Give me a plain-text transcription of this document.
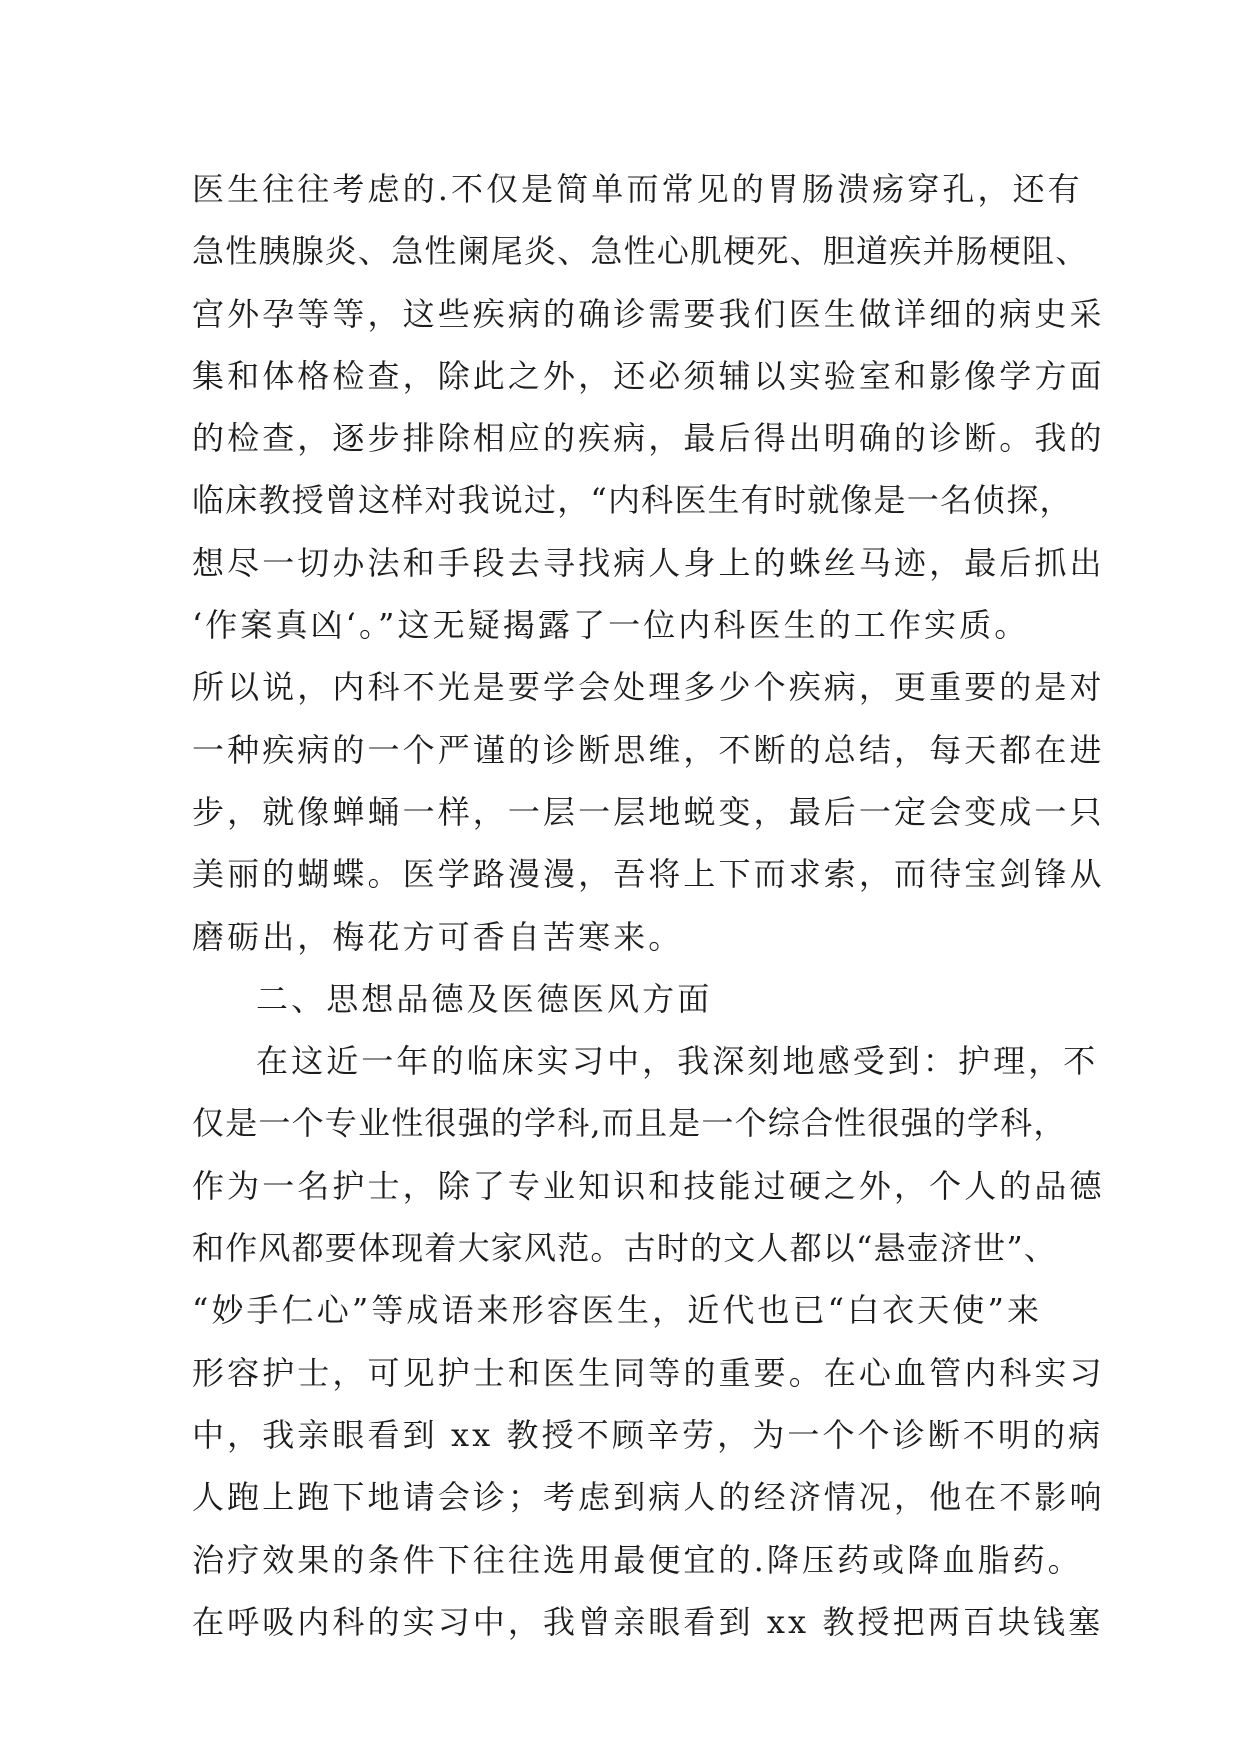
医生往往考虑的.不仅是简单而常见的胃肠溃疡穿孔，还有
急性胰腺炎、急性阑尾炎、急性心肌梗死、胆道疾并肠梗阻、
宫外孕等等，这些疾病的确诊需要我们医生做详细的病史采
集和体格检查，除此之外，还必须辅以实验室和影像学方面
的检查，逐步排除相应的疾病，最后得出明确的诊断。我的
临床教授曾这样对我说过，“内科医生有时就像是一名侦探，
想尽一切办法和手段去寻找病人身上的蛛丝马迹，最后抓出
‘作案真凶‘。”这无疑揭露了一位内科医生的工作实质。
所以说，内科不光是要学会处理多少个疾病，更重要的是对
一种疾病的一个严谨的诊断思维，不断的总结，每天都在进
步，就像蝉蛹一样，一层一层地蜕变，最后一定会变成一只
美丽的蝴蝶。医学路漫漫，吾将上下而求索，而待宝剑锋从
磨砺出，梅花方可香自苦寒来。
二、思想品德及医德医风方面
在这近一年的临床实习中，我深刻地感受到：护理，不
仅是一个专业性很强的学科,而且是一个综合性很强的学科，
作为一名护士，除了专业知识和技能过硬之外，个人的品德
和作风都要体现着大家风范。古时的文人都以“悬壶济世”、
“妙手仁心”等成语来形容医生，近代也已“白衣天使”来
形容护士，可见护士和医生同等的重要。在心血管内科实习
中，我亲眼看到 xx 教授不顾辛劳，为一个个诊断不明的病
人跑上跑下地请会诊；考虑到病人的经济情况，他在不影响
治疗效果的条件下往往选用最便宜的.降压药或降血脂药。
在呼吸内科的实习中，我曾亲眼看到 xx 教授把两百块钱塞
